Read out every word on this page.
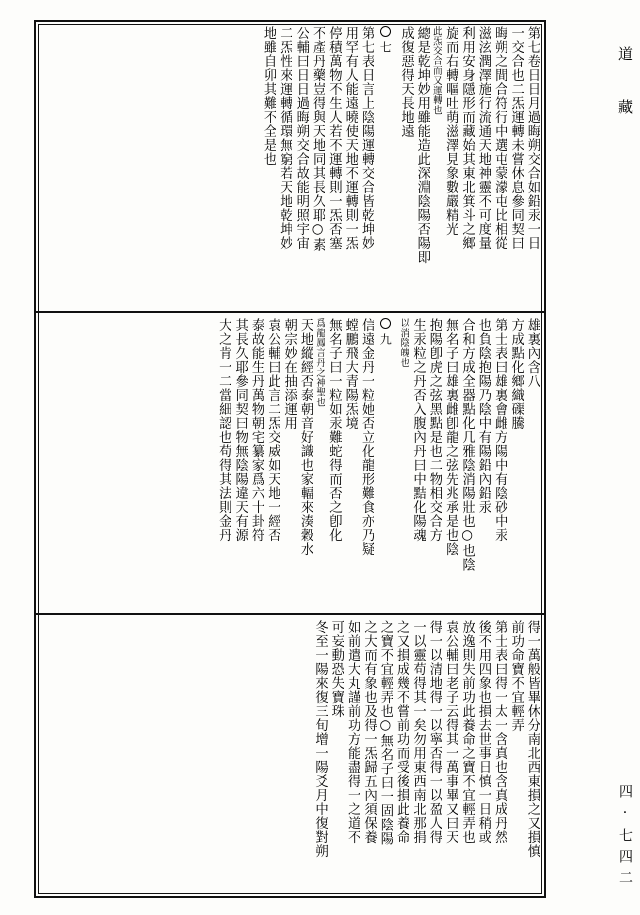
第七卷日日月過晦朔交合如鉛汞一日
一交合也二炁運轉未嘗休息參同契曰
晦朔之間合符行中選屯蒙濛屯比相從
滋泫潤澤施行流通天地神靈不可度量
利用安身隱形而藏始其東北箕斗之鄉
旋而右轉嘔吐萌滋澤見象數嚴精光
此炁交合而又運轉也
總是乾坤妙用雖能造此深淵陰陽否陽即
成復惡得天長地遠
七
第七表日言上陰陽運轉交合皆乾坤妙
用罕有人能遠曉使天地不運轉則一炁
停積萬物不生人若不運轉則一炁否塞
不產丹藥豈得與天地同其長久耶○素
公輔曰日日過晦朔交合故能明照宇宙
二炁性來運轉循環無窮若天地乾坤妙
地雖自卯其難不全是也
雄裏內含八
方成點化鄉織磲騰
第士表曰雄裏會雌方陽中有陰砂中汞
也負陰抱陽乃陰中有陽鉛內鉛汞
合和方成全器點化几雅陰消陽壯也○也陰
無名子曰雄裏雌卽龍之弦先兆承是也陰
抱陽卽虎之弦黑點是也二物相交合方
生汞粒之丹否入腹內丹曰中黠化陽魂
以消陰魄也
九
信遠金丹一粒她否立化龍形難食亦乃疑
螳鵬飛大青陽炁境
無名子曰一粒如汞難蛇得而否之卽化
爲龍鳳言丹之神聖也
天地縱經否泰朝音好識也家輻來湊穀水
朝宗妙在抽添運用
袁公輔曰此言二炁交威如天地一經否
泰故能生丹萬物朝宅纂家爲六十卦符
其長久耶參同契曰物無陰陽違天有源
大之肯一二當細認也苟得其法則金丹
得一萬般皆畢休分南北西東損之又損慎
前功命寶不宜輕弄
第士表曰得一太一含真也含真成丹然
後不用四象也損去世事日慎一日稍或
放逸則失前功此養命之寶不宜輕弄也
袁公輔曰老子云得其一萬事畢又曰天
得一以清地得一以寧否得一以盈人得
一以靈苟得其一矣勿用東西南北那捐
之又損成幾不嘗前功而受後損此養命
之寶不宜輕弄也○無名子曰一固陰陽
之大而有象也及得一炁歸五內須保養
如前遣大丸謹前功方能盡得一之道不
可妄動恐失寶珠
冬至一陽來復三旬增一陽爻月中復對朔
道 藏
四·七四二
